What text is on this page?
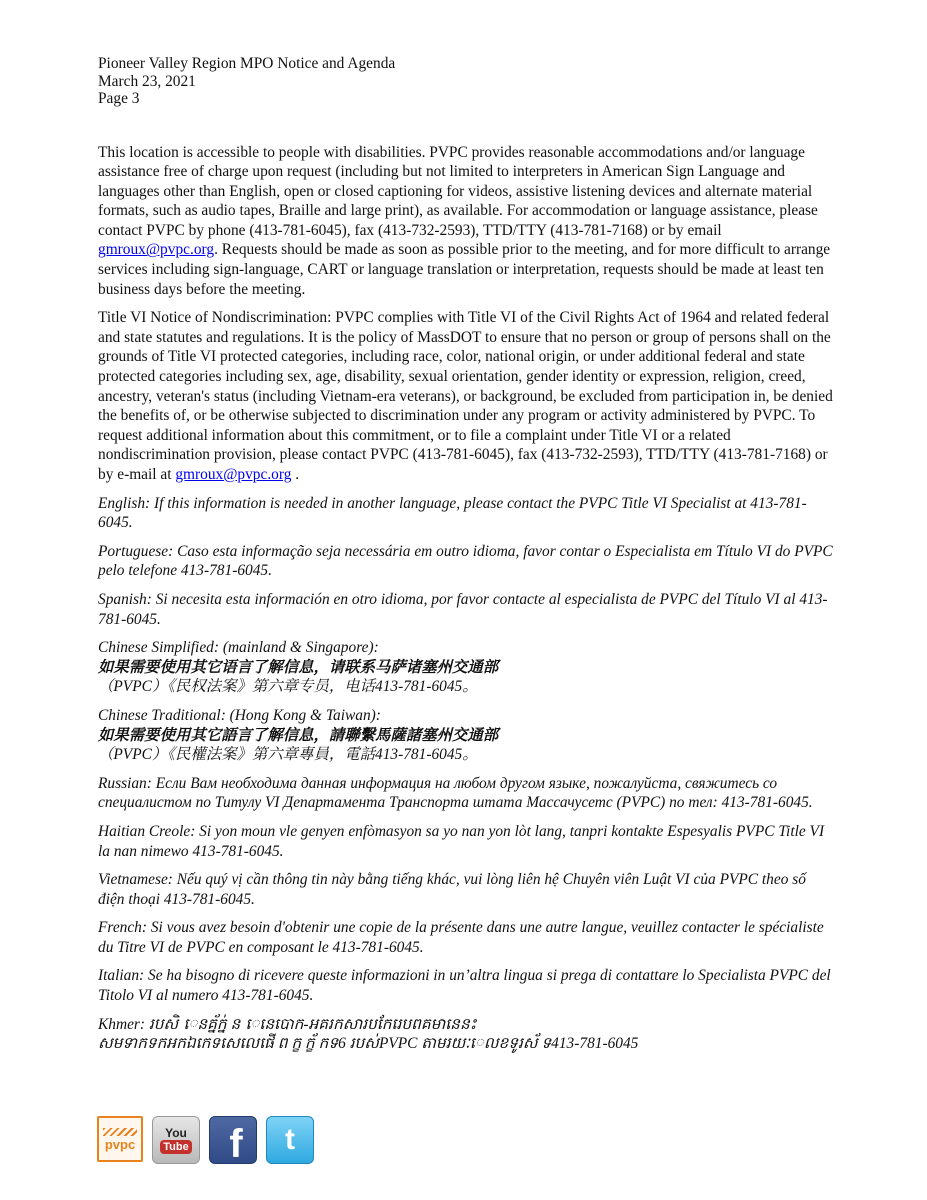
Pioneer Valley Region MPO Notice and Agenda
March 23, 2021
Page 3

This location is accessible to people with disabilities. PVPC provides reasonable accommodations and/or language assistance free of charge upon request (including but not limited to interpreters in American Sign Language and languages other than English, open or closed captioning for videos, assistive listening devices and alternate material formats, such as audio tapes, Braille and large print), as available. For accommodation or language assistance, please contact PVPC by phone (413-781-6045), fax (413-732-2593), TTD/TTY (413-781-7168) or by email gmroux@pvpc.org. Requests should be made as soon as possible prior to the meeting, and for more difficult to arrange services including sign-language, CART or language translation or interpretation, requests should be made at least ten business days before the meeting.

Title VI Notice of Nondiscrimination: PVPC complies with Title VI of the Civil Rights Act of 1964 and related federal and state statutes and regulations. It is the policy of MassDOT to ensure that no person or group of persons shall on the grounds of Title VI protected categories, including race, color, national origin, or under additional federal and state protected categories including sex, age, disability, sexual orientation, gender identity or expression, religion, creed, ancestry, veteran's status (including Vietnam-era veterans), or background, be excluded from participation in, be denied the benefits of, or be otherwise subjected to discrimination under any program or activity administered by PVPC. To request additional information about this commitment, or to file a complaint under Title VI or a related nondiscrimination provision, please contact PVPC (413-781-6045), fax (413-732-2593), TTD/TTY (413-781-7168) or by e-mail at gmroux@pvpc.org .

English: If this information is needed in another language, please contact the PVPC Title VI Specialist at 413-781-6045.

Portuguese: Caso esta informação seja necessária em outro idioma, favor contar o Especialista em Título VI do PVPC pelo telefone 413-781-6045.

Spanish: Si necesita esta información en otro idioma, por favor contacte al especialista de PVPC del Título VI al 413-781-6045.

Chinese Simplified: (mainland & Singapore):
如果需要使用其它语言了解信息，请联系马萨诸塞州交通部
（PVPC）《民权法案》第六章专员，电话413-781-6045。

Chinese Traditional: (Hong Kong & Taiwan):
如果需要使用其它語言了解信息，請聯繫馬薩諸塞州交通部
（PVPC）《民權法案》第六章專員，電話413-781-6045。

Russian: Если Вам необходима данная информация на любом другом языке, пожалуйста, свяжитесь со специалистом по Титулу VI Департамента Транспорта штата Массачусетс (PVPC) по тел: 413-781-6045.

Haitian Creole: Si yon moun vle genyen enfòmasyon sa yo nan yon lòt lang, tanpri kontakte Espesyalis PVPC Title VI la nan nimewo 413-781-6045.

Vietnamese: Nếu quý vị cần thông tin này bằng tiếng khác, vui lòng liên hệ Chuyên viên Luật VI của PVPC theo số điện thoại 413-781-6045.

French: Si vous avez besoin d'obtenir une copie de la présente dans une autre langue, veuillez contacter le spécialiste du Titre VI de PVPC en composant le 413-781-6045.

Italian: Se ha bisogno di ricevere queste informazioni in un’altra lingua si prega di contattare lo Specialista PVPC del Titolo VI al numero 413-781-6045.

Khmer: របសិ េនគ្ន័ក្ន់ ន េនេបោក-អគរកសារបកែរេបពគមានេនះ
សមទាកទកអកឯកេទសេលេផើ ព ក្ខ ក្ខ័ កទ6 របស់PVPC តាមរយៈេលខទូរស័ ទ413-781-6045

pvpc
You
Tube f t
